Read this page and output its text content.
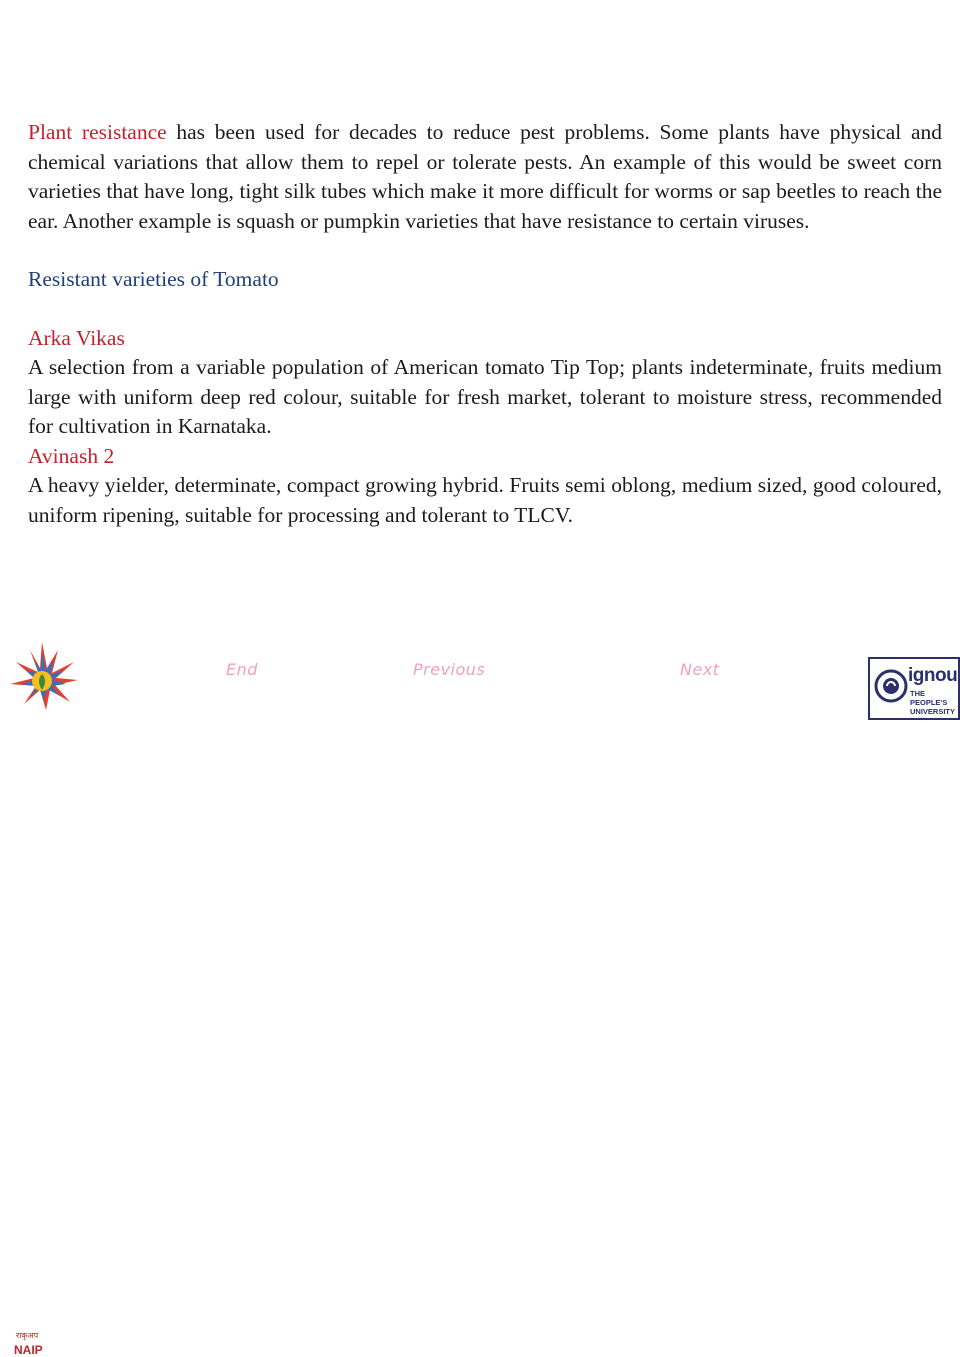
Plant resistance has been used for decades to reduce pest problems. Some plants have physical and chemical variations that allow them to repel or tolerate pests. An example of this would be sweet corn varieties that have long, tight silk tubes which make it more difficult for worms or sap beetles to reach the ear. Another example is squash or pumpkin varieties that have resistance to certain viruses.

Resistant varieties of Tomato

Arka Vikas

A selection from a variable population of American tomato Tip Top; plants indeterminate, fruits medium large with uniform deep red colour, suitable for fresh market, tolerant to moisture stress, recommended for cultivation in Karnataka.

Avinash 2

A heavy yielder, determinate, compact growing hybrid. Fruits semi oblong, medium sized, good coloured, uniform ripening, suitable for processing and tolerant to TLCV.

राकृअप
NAIP
End	Previous	Next	ignou
THE PEOPLE'S
UNIVERSITY
